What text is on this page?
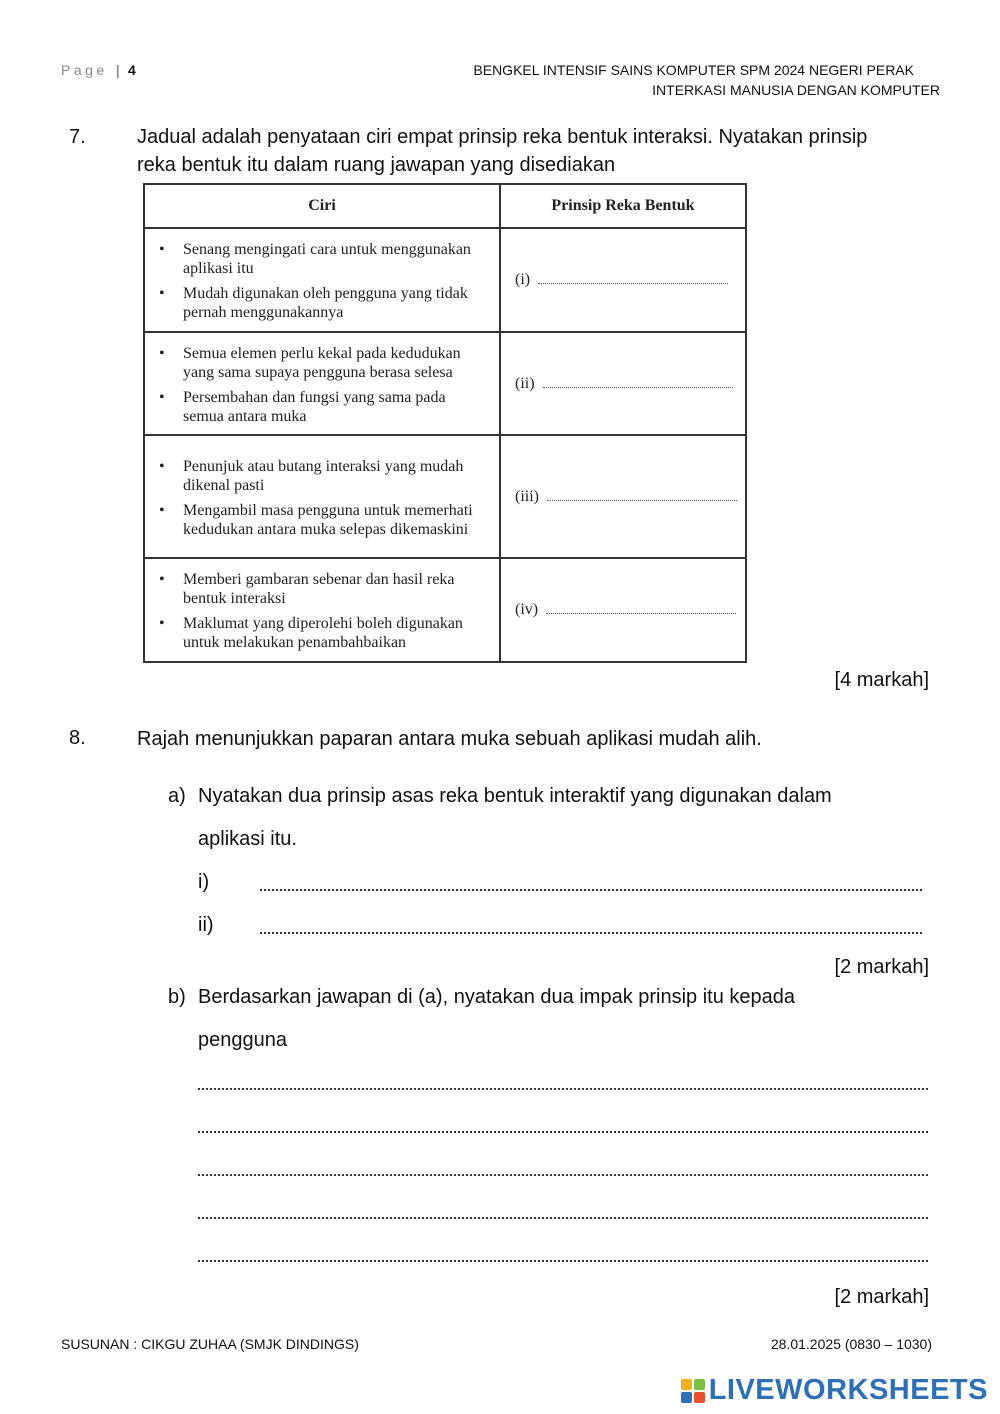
Page | 4	BENGKEL INTENSIF SAINS KOMPUTER SPM 2024 NEGERI PERAK
INTERKASI MANUSIA DENGAN KOMPUTER
7.	Jadual adalah penyataan ciri empat prinsip reka bentuk interaksi. Nyatakan prinsip
reka bentuk itu dalam ruang jawapan yang disediakan
Ciri	Prinsip Reka Bentuk

• Senang mengingati cara untuk menggunakan aplikasi itu
• Mudah digunakan oleh pengguna yang tidak pernah menggunakannya	(i)

• Semua elemen perlu kekal pada kedudukan yang sama supaya pengguna berasa selesa
• Persembahan dan fungsi yang sama pada semua antara muka	(ii)

• Penunjuk atau butang interaksi yang mudah dikenal pasti
• Mengambil masa pengguna untuk memerhati kedudukan antara muka selepas dikemaskini	(iii)

• Memberi gambaran sebenar dan hasil reka bentuk interaksi
• Maklumat yang diperolehi boleh digunakan untuk melakukan penambahbaikan	(iv)
[4 markah]
8.	Rajah menunjukkan paparan antara muka sebuah aplikasi mudah alih.
a) Nyatakan dua prinsip asas reka bentuk interaktif yang digunakan dalam
aplikasi itu.
i)
ii)
[2 markah]
b) Berdasarkan jawapan di (a), nyatakan dua impak prinsip itu kepada
pengguna
[2 markah]
SUSUNAN : CIKGU ZUHAA (SMJK DINDINGS)	28.01.2025 (0830 – 1030)
LIVEWORKSHEETS
